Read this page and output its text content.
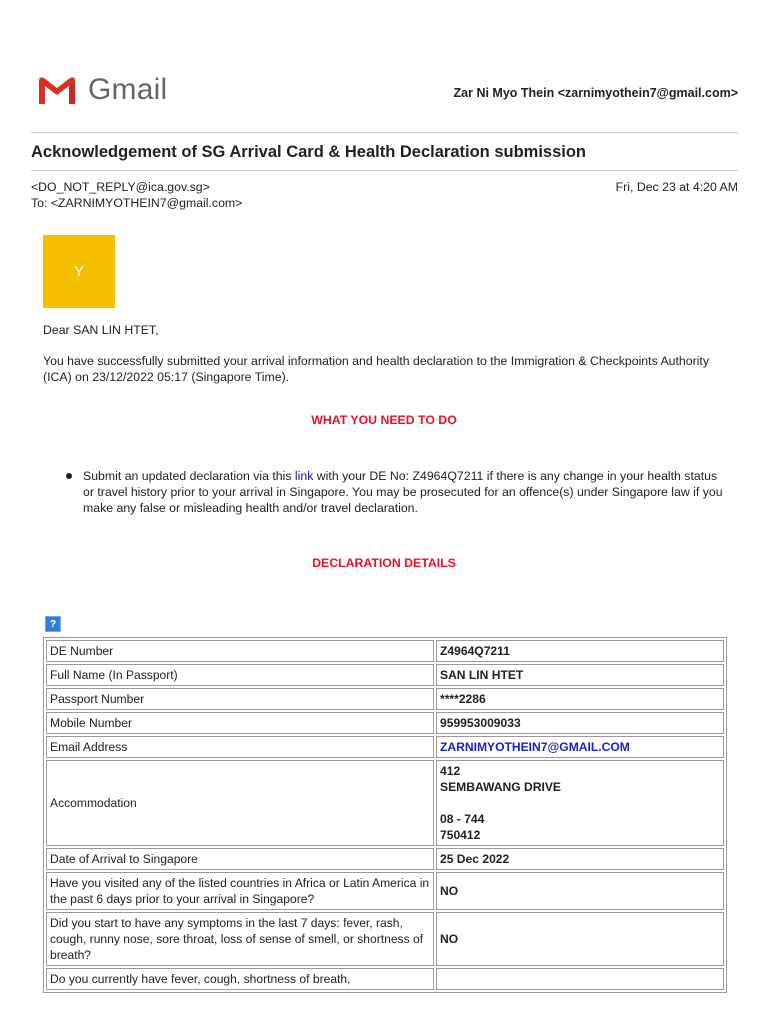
Gmail	Zar Ni Myo Thein <zarnimyothein7@gmail.com>
Acknowledgement of SG Arrival Card & Health Declaration submission
<DO_NOT_REPLY@ica.gov.sg>
To: <ZARNIMYOTHEIN7@gmail.com>
Fri, Dec 23 at 4:20 AM
Y
Dear SAN LIN HTET,
You have successfully submitted your arrival information and health declaration to the Immigration & Checkpoints Authority (ICA) on 23/12/2022 05:17 (Singapore Time).
WHAT YOU NEED TO DO
Submit an updated declaration via this link with your DE No: Z4964Q7211 if there is any change in your health status or travel history prior to your arrival in Singapore. You may be prosecuted for an offence(s) under Singapore law if you make any false or misleading health and/or travel declaration.
DECLARATION DETAILS
?
DE Number	Z4964Q7211
Full Name (In Passport)	SAN LIN HTET
Passport Number	****2286
Mobile Number	959953009033
Email Address	ZARNIMYOTHEIN7@GMAIL.COM
Accommodation	412
SEMBAWANG DRIVE
08 - 744
750412

Date of Arrival to Singapore	25 Dec 2022
Have you visited any of the listed countries in Africa or Latin America in the past 6 days prior to your arrival in Singapore?	NO
Did you start to have any symptoms in the last 7 days: fever, rash, cough, runny nose, sore throat, loss of sense of smell, or shortness of breath?	NO
Do you currently have fever, cough, shortness of breath,	
